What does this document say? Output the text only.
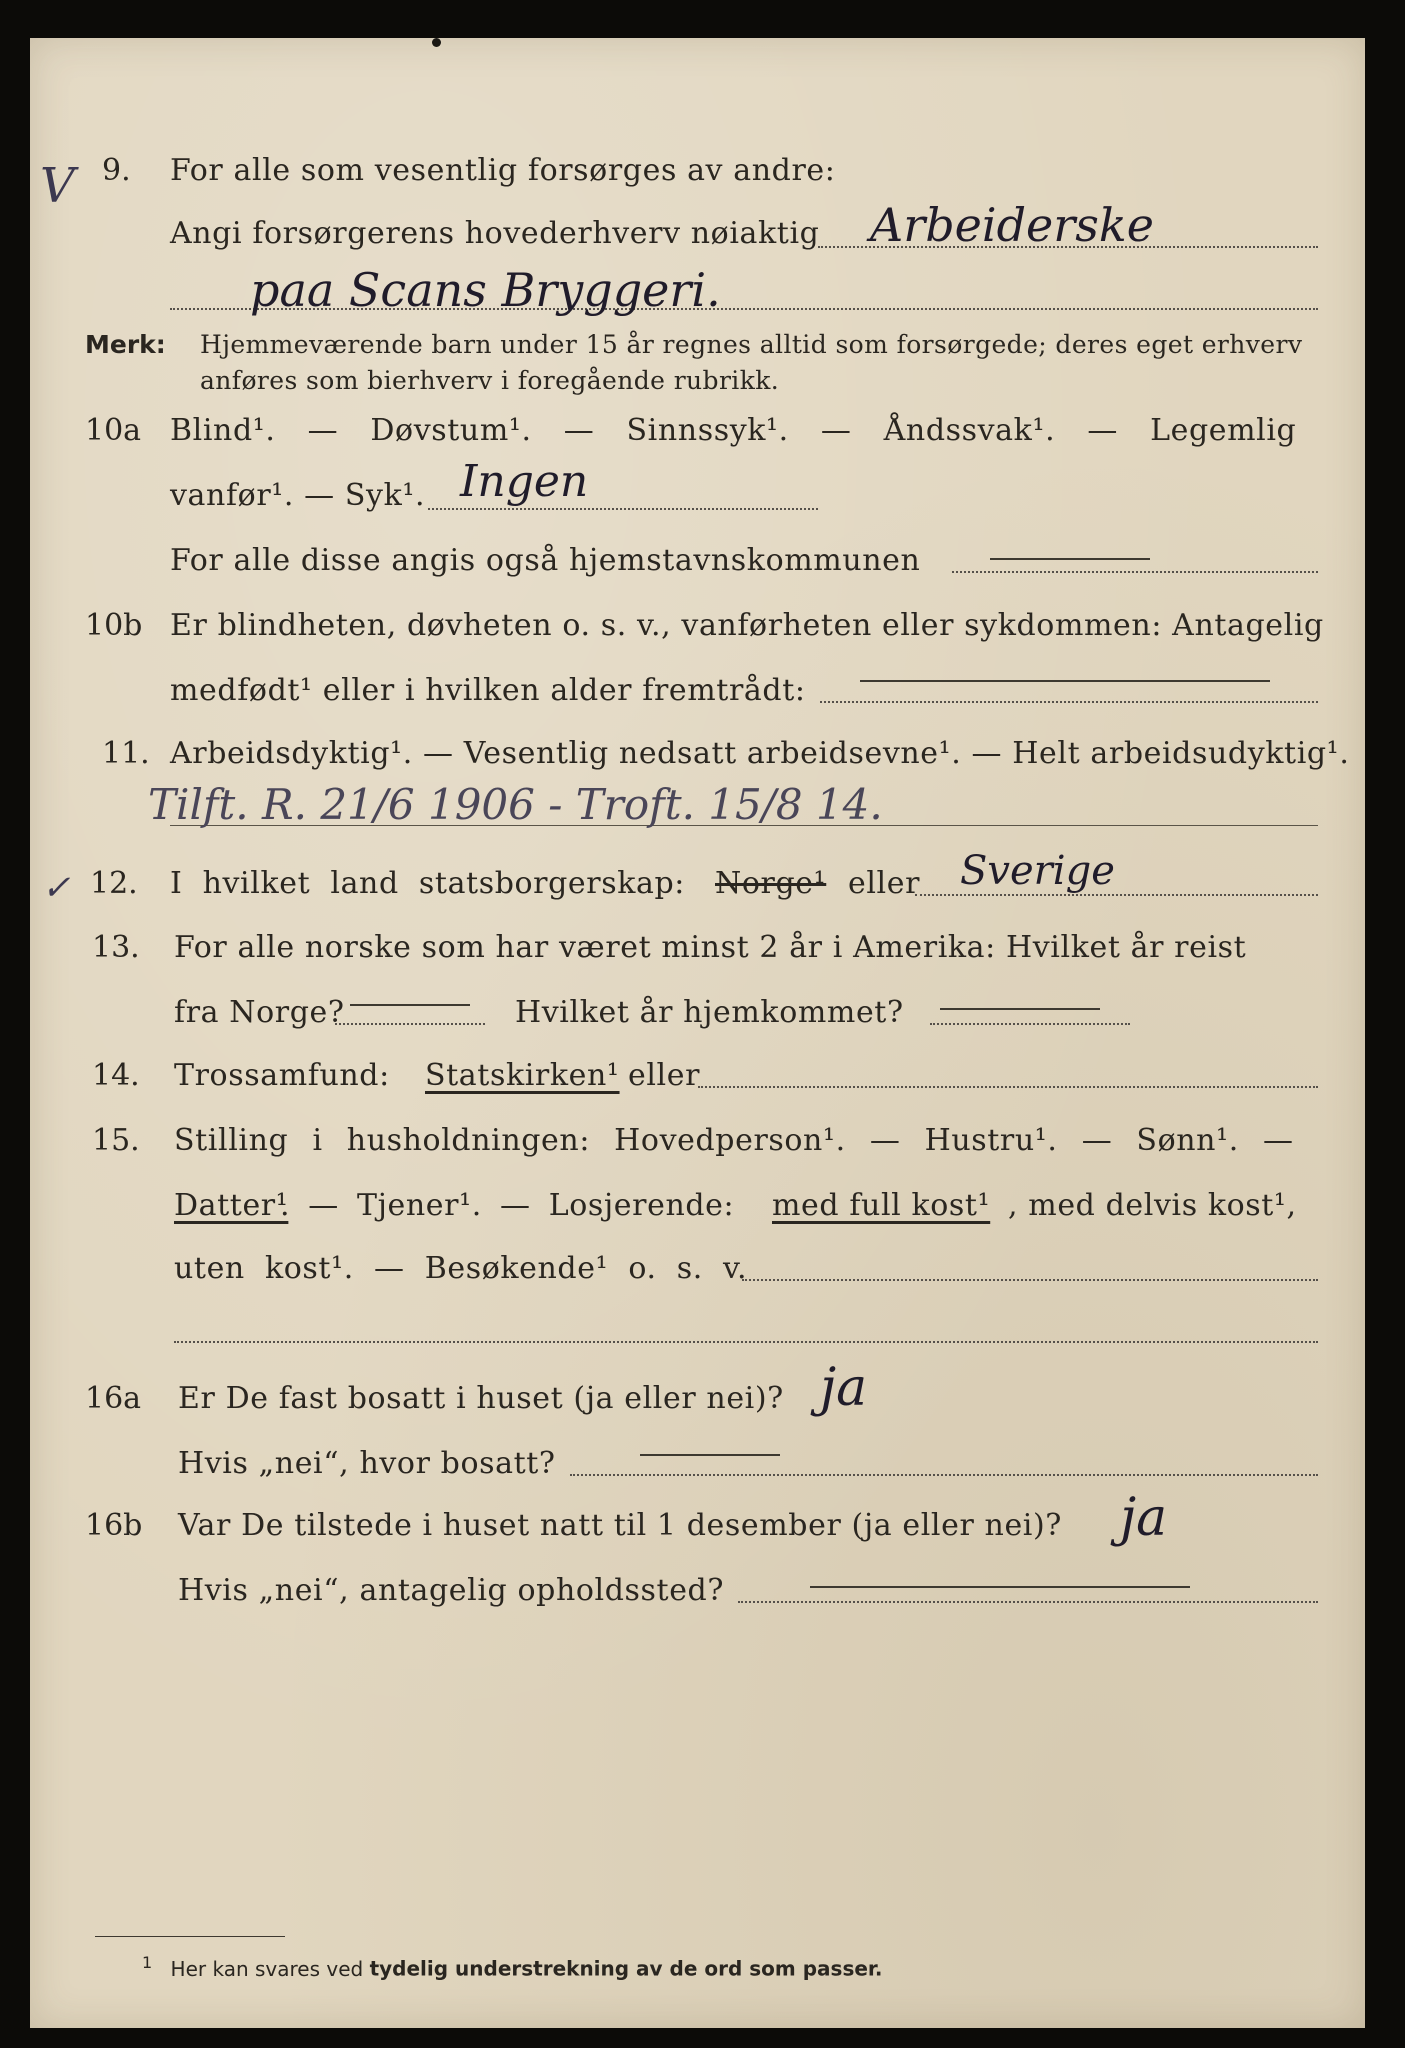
V 9. For alle som vesentlig forsørges av andre:
Angi forsørgerens hovederhverv nøiaktig Arbeiderske
paa Scans Bryggeri.
Merk: Hjemmeværende barn under 15 år regnes alltid som forsørgede; deres eget erhverv
anføres som bierhverv i foregående rubrikk.
10a Blind¹. — Døvstum¹. — Sinnssyk¹. — Åndssvak¹. — Legemlig
vanfør¹. — Syk¹. Ingen
For alle disse angis også hjemstavnskommunen
10b Er blindheten, døvheten o. s. v., vanførheten eller sykdommen: Antagelig
medfødt¹ eller i hvilken alder fremtrådt:
11. Arbeidsdyktig¹. — Vesentlig nedsatt arbeidsevne¹. — Helt arbeidsudyktig¹.
Tilft. R. 21/6 1906 - Troft. 15/8 14.
✓ 12. I hvilket land statsborgerskap: Norge¹ eller Sverige
13. For alle norske som har været minst 2 år i Amerika: Hvilket år reist
fra Norge?	Hvilket år hjemkommet?
14. Trossamfund: Statskirken¹ eller
15. Stilling i husholdningen: Hovedperson¹. — Hustru¹. — Sønn¹. —
Datter¹
. — Tjener¹. — Losjerende: med full kost¹ , med delvis kost¹,
uten kost¹. — Besøkende¹ o. s. v.
16a Er De fast bosatt i huset (ja eller nei)? ja
Hvis „nei“, hvor bosatt?
16b Var De tilstede i huset natt til 1 desember (ja eller nei)? ja
Hvis „nei“, antagelig opholdssted?
$^1$ Her kan svares ved tydelig understrekning av de ord som passer.
